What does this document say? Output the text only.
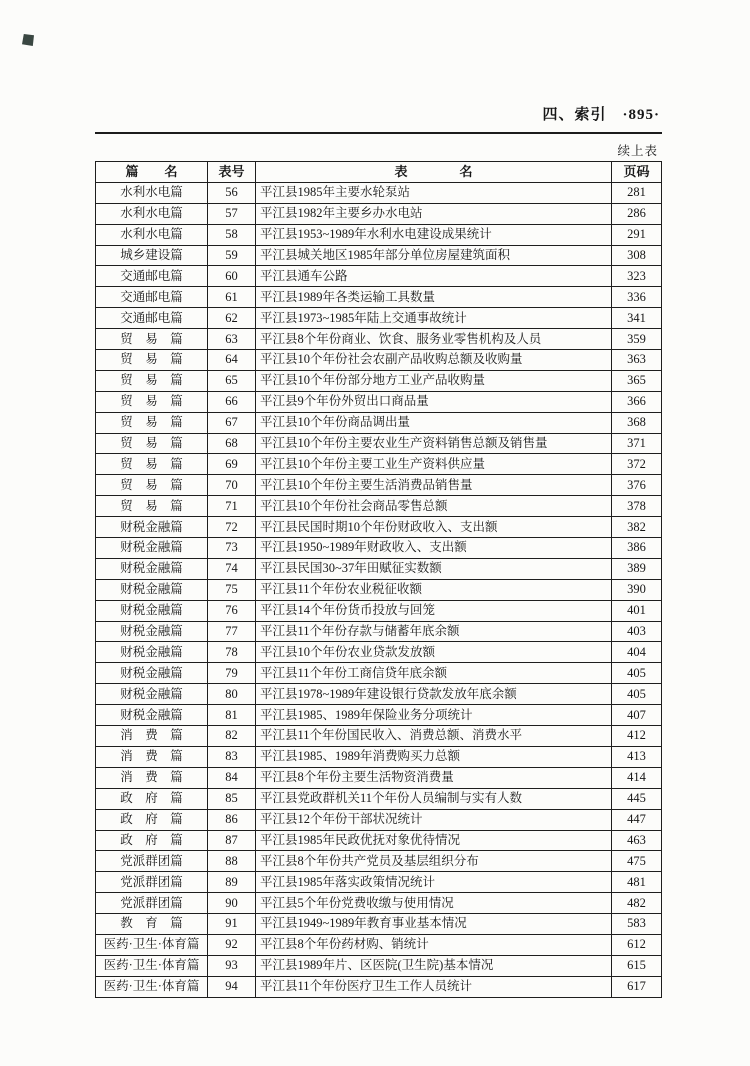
四、索引　·895·
续上表
篇　　名	表号	表　　　　名	页码
水利水电篇	56	平江县1985年主要水轮泵站	281
水利水电篇	57	平江县1982年主要乡办水电站	286
水利水电篇	58	平江县1953~1989年水利水电建设成果统计	291
城乡建设篇	59	平江县城关地区1985年部分单位房屋建筑面积	308
交通邮电篇	60	平江县通车公路	323
交通邮电篇	61	平江县1989年各类运输工具数量	336
交通邮电篇	62	平江县1973~1985年陆上交通事故统计	341
贸　易　篇	63	平江县8个年份商业、饮食、服务业零售机构及人员	359
贸　易　篇	64	平江县10个年份社会农副产品收购总额及收购量	363
贸　易　篇	65	平江县10个年份部分地方工业产品收购量	365
贸　易　篇	66	平江县9个年份外贸出口商品量	366
贸　易　篇	67	平江县10个年份商品调出量	368
贸　易　篇	68	平江县10个年份主要农业生产资料销售总额及销售量	371
贸　易　篇	69	平江县10个年份主要工业生产资料供应量	372
贸　易　篇	70	平江县10个年份主要生活消费品销售量	376
贸　易　篇	71	平江县10个年份社会商品零售总额	378
财税金融篇	72	平江县民国时期10个年份财政收入、支出额	382
财税金融篇	73	平江县1950~1989年财政收入、支出额	386
财税金融篇	74	平江县民国30~37年田赋征实数额	389
财税金融篇	75	平江县11个年份农业税征收额	390
财税金融篇	76	平江县14个年份货币投放与回笼	401
财税金融篇	77	平江县11个年份存款与储蓄年底余额	403
财税金融篇	78	平江县10个年份农业贷款发放额	404
财税金融篇	79	平江县11个年份工商信贷年底余额	405
财税金融篇	80	平江县1978~1989年建设银行贷款发放年底余额	405
财税金融篇	81	平江县1985、1989年保险业务分项统计	407
消　费　篇	82	平江县11个年份国民收入、消费总额、消费水平	412
消　费　篇	83	平江县1985、1989年消费购买力总额	413
消　费　篇	84	平江县8个年份主要生活物资消费量	414
政　府　篇	85	平江县党政群机关11个年份人员编制与实有人数	445
政　府　篇	86	平江县12个年份干部状况统计	447
政　府　篇	87	平江县1985年民政优抚对象优待情况	463
党派群团篇	88	平江县8个年份共产党员及基层组织分布	475
党派群团篇	89	平江县1985年落实政策情况统计	481
党派群团篇	90	平江县5个年份党费收缴与使用情况	482
教　育　篇	91	平江县1949~1989年教育事业基本情况	583
医药·卫生·体育篇	92	平江县8个年份药材购、销统计	612
医药·卫生·体育篇	93	平江县1989年片、区医院(卫生院)基本情况	615
医药·卫生·体育篇	94	平江县11个年份医疗卫生工作人员统计	617
